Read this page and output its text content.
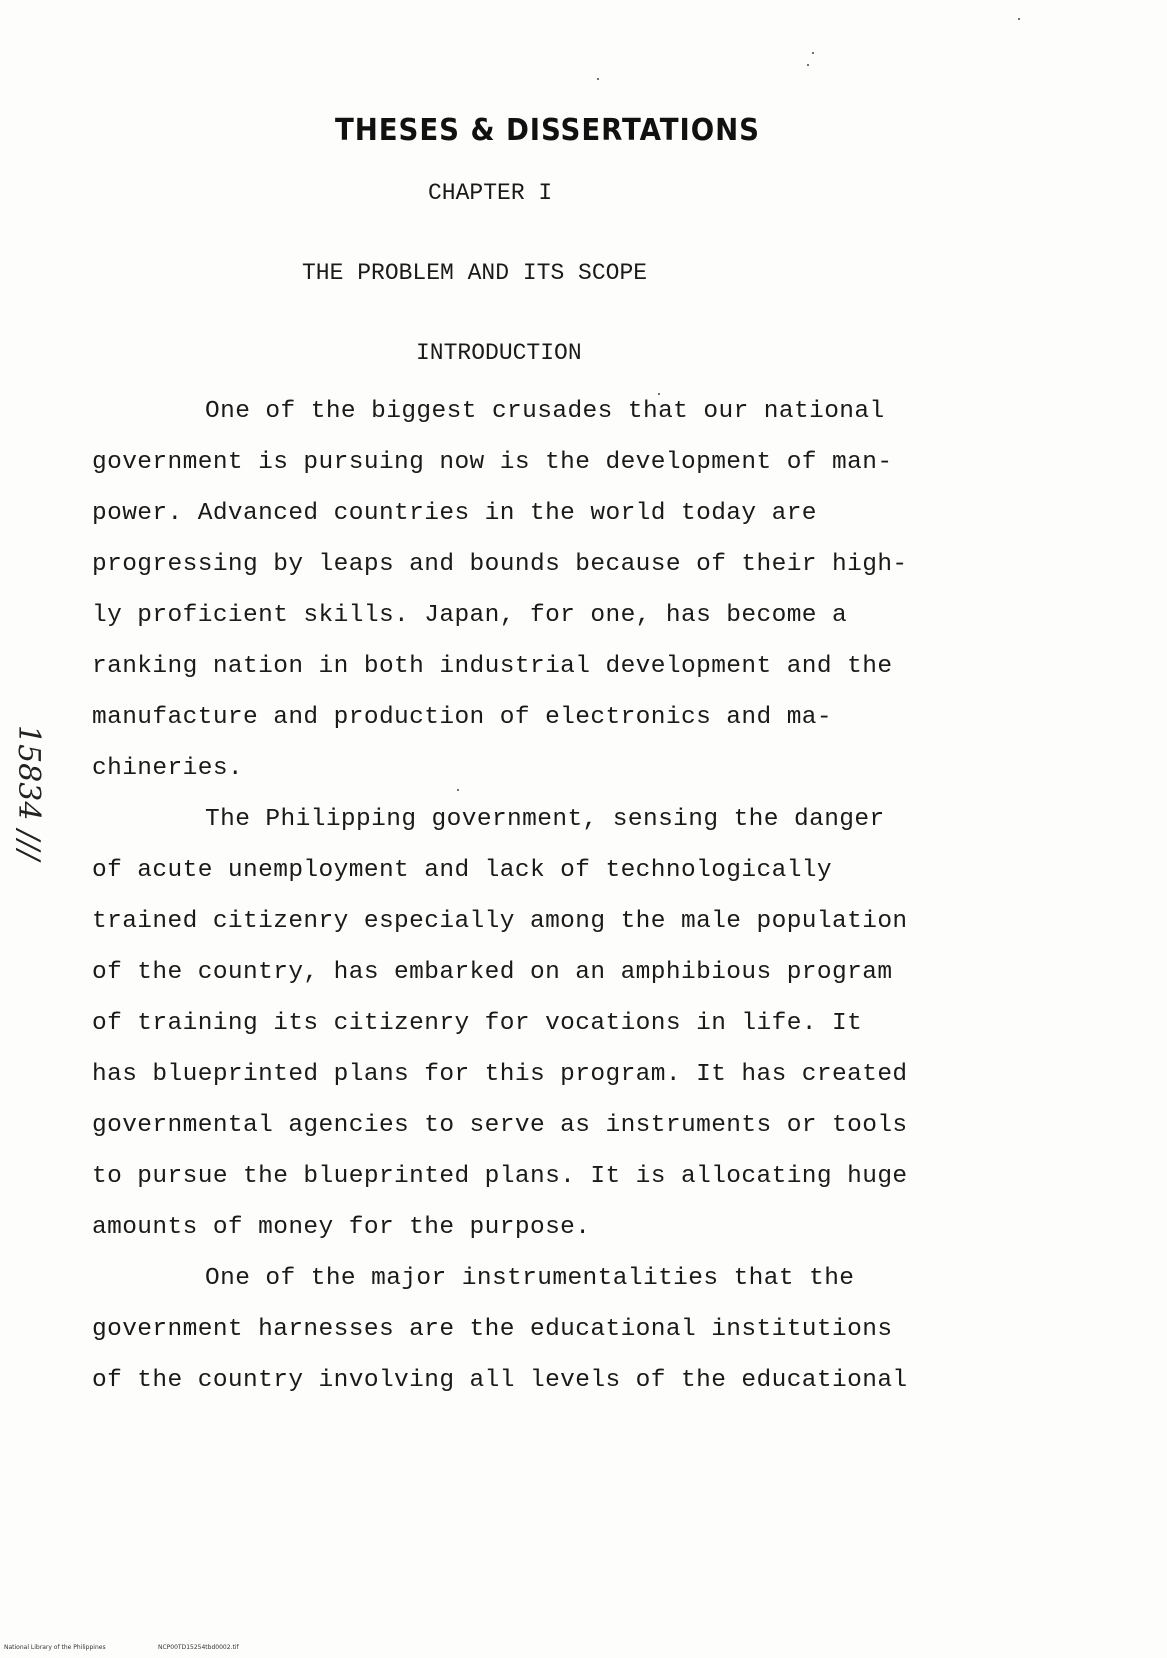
THESES & DISSERTATIONS
CHAPTER I
THE PROBLEM AND ITS SCOPE
INTRODUCTION
One of the biggest crusades that our national
government is pursuing now is the development of man-
power. Advanced countries in the world today are
progressing by leaps and bounds because of their high-
ly proficient skills. Japan, for one, has become a
ranking nation in both industrial development and the
manufacture and production of electronics and ma-
chineries.
The Philipping government, sensing the danger
of acute unemployment and lack of technologically
trained citizenry especially among the male population
of the country, has embarked on an amphibious program
of training its citizenry for vocations in life. It
has blueprinted plans for this program. It has created
governmental agencies to serve as instruments or tools
to pursue the blueprinted plans. It is allocating huge
amounts of money for the purpose.
One of the major instrumentalities that the
government harnesses are the educational institutions
of the country involving all levels of the educational
15834 ///
National Library of the Philippines	NCP00TD15254tbd0002.tif
